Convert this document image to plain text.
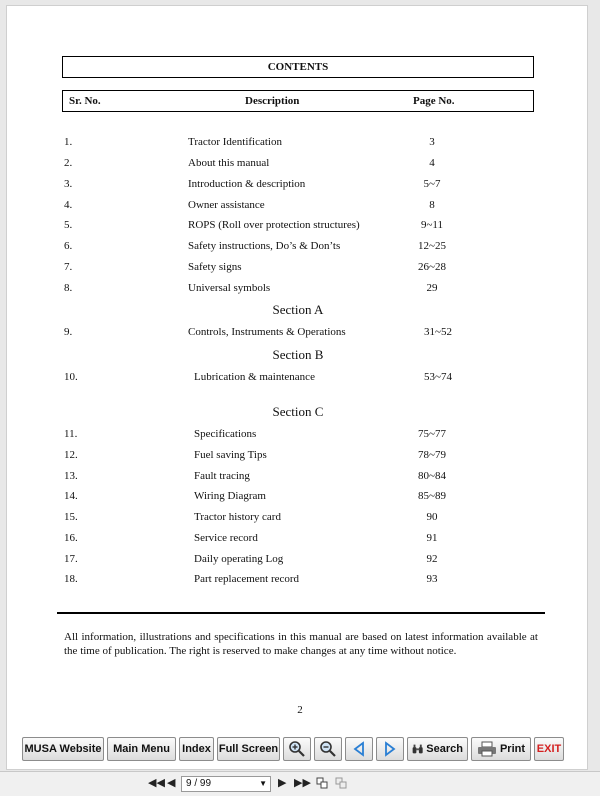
CONTENTS
Sr. No.	Description	Page No.
1.	Tractor Identification	3
2.	About this manual	4
3.	Introduction & description	5~7
4.	Owner assistance	8
5.	ROPS (Roll over protection structures)	9~11
6.	Safety instructions, Do’s & Don’ts	12~25
7.	Safety signs	26~28
8.	Universal symbols	29
Section A
9.	Controls, Instruments & Operations	31~52
Section B
10.	Lubrication & maintenance	53~74
Section C
11.	Specifications	75~77
12.	Fuel saving Tips	78~79
13.	Fault tracing	80~84
14.	Wiring Diagram	85~89
15.	Tractor history card	90
16.	Service record	91
17.	Daily operating Log	92
18.	Part replacement record	93
All information, illustrations and specifications in this manual are based on latest information available at the time of publication. The right is reserved to make changes at any time without notice.
2
MUSA Website	Main Menu	Index Full Screen	Search	Print EXIT
◀◀ ◀	9 / 99	▼ ▶ ▶▶
